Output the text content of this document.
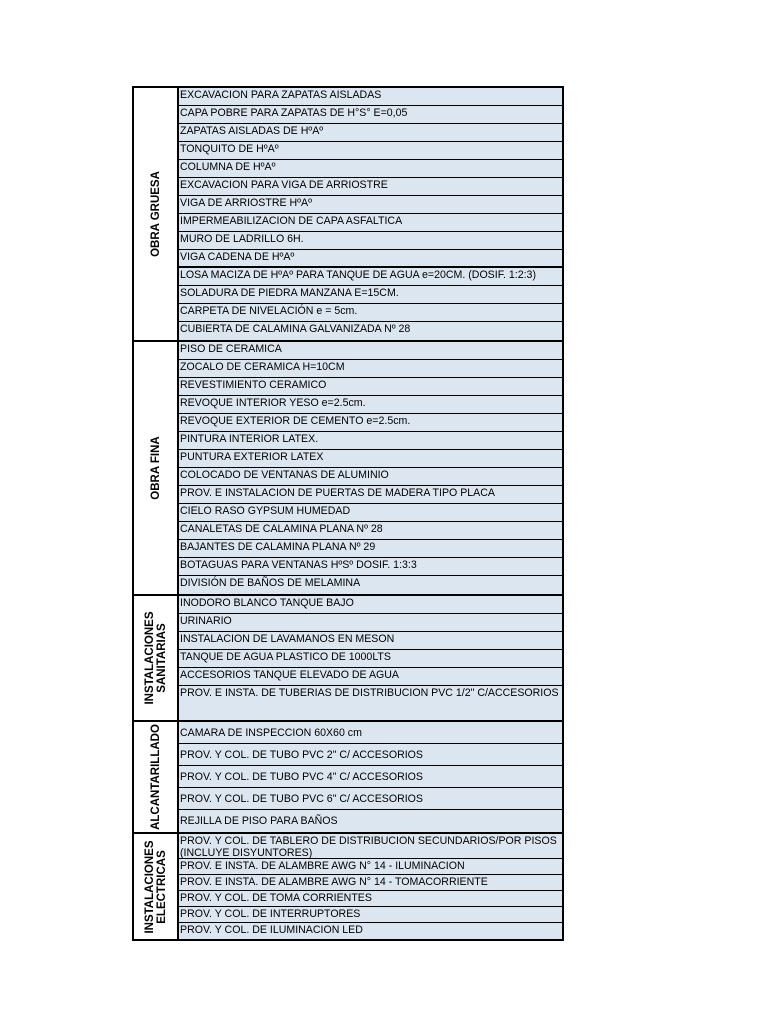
OBRA GRUESA
EXCAVACION PARA ZAPATAS AISLADAS
CAPA POBRE PARA ZAPATAS DE H°S° E=0,05
ZAPATAS AISLADAS DE HºAº
TONQUITO DE HºAº
COLUMNA DE HºAº
EXCAVACION PARA VIGA DE ARRIOSTRE
VIGA DE ARRIOSTRE HºAº
IMPERMEABILIZACION DE CAPA ASFALTICA
MURO DE LADRILLO 6H.
VIGA CADENA DE HºAº
LOSA MACIZA DE HºAº PARA TANQUE DE AGUA e=20CM. (DOSIF. 1:2:3)
SOLADURA DE PIEDRA MANZANA E=15CM.
CARPETA DE NIVELACIÓN e = 5cm.
CUBIERTA DE CALAMINA GALVANIZADA Nº 28
OBRA FINA
PISO DE CERAMICA
ZOCALO DE CERAMICA H=10CM
REVESTIMIENTO CERAMICO
REVOQUE INTERIOR YESO e=2.5cm.
REVOQUE EXTERIOR DE CEMENTO e=2.5cm.
PINTURA INTERIOR LATEX.
PUNTURA EXTERIOR LATEX
COLOCADO DE VENTANAS DE ALUMINIO
PROV. E INSTALACION DE PUERTAS DE MADERA TIPO PLACA
CIELO RASO GYPSUM HUMEDAD
CANALETAS DE CALAMINA PLANA Nº 28
BAJANTES DE CALAMINA PLANA Nº 29
BOTAGUAS PARA VENTANAS HºSº DOSIF. 1:3:3
DIVISIÓN DE BAÑOS DE MELAMINA
INSTALACIONES
SANITARIAS
INODORO BLANCO TANQUE BAJO
URINARIO
INSTALACION DE LAVAMANOS EN MESON
TANQUE DE AGUA PLASTICO DE 1000LTS
ACCESORIOS TANQUE ELEVADO DE AGUA
PROV. E INSTA. DE TUBERIAS DE DISTRIBUCION PVC 1/2" C/ACCESORIOS
ALCANTARILLADO CAMARA DE INSPECCION 60X60 cm
PROV. Y COL. DE TUBO PVC 2" C/ ACCESORIOS
PROV. Y COL. DE TUBO PVC 4" C/ ACCESORIOS
PROV. Y COL. DE TUBO PVC 6" C/ ACCESORIOS
REJILLA DE PISO PARA BAÑOS
INSTALACIONES
ELECTRICAS
PROV. Y COL. DE TABLERO DE DISTRIBUCION SECUNDARIOS/POR PISOS (INCLUYE DISYUNTORES)
PROV. E INSTA. DE ALAMBRE AWG N° 14 - ILUMINACION
PROV. E INSTA. DE ALAMBRE AWG N° 14 - TOMACORRIENTE
PROV. Y COL. DE TOMA CORRIENTES
PROV. Y COL. DE INTERRUPTORES
PROV. Y COL. DE ILUMINACION LED
